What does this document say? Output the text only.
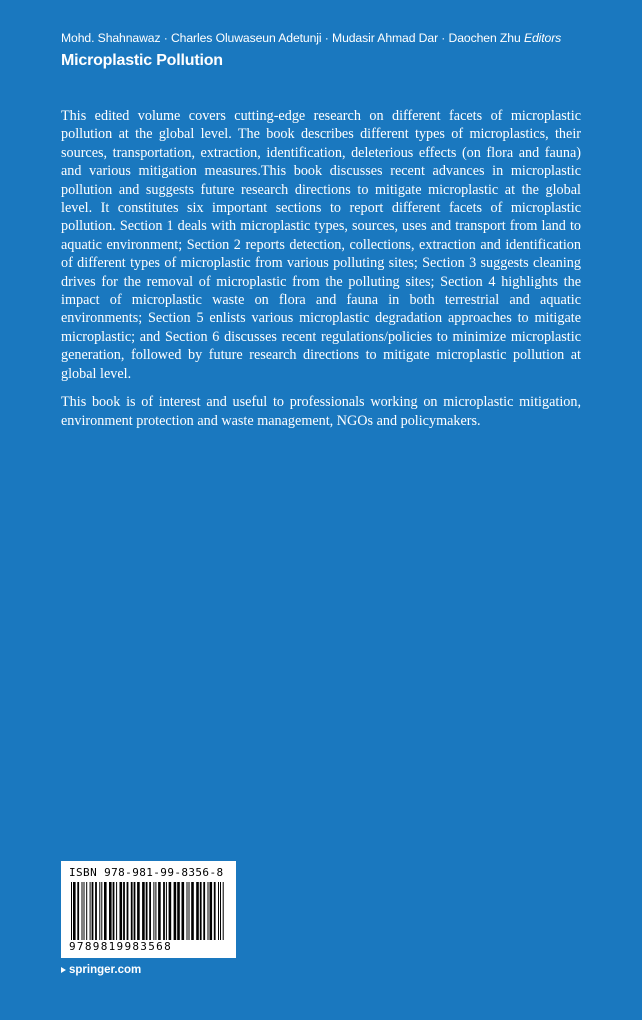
Mohd. Shahnawaz · Charles Oluwaseun Adetunji · Mudasir Ahmad Dar · Daochen Zhu Editors
Microplastic Pollution

This edited volume covers cutting-edge research on different facets of microplastic pollution at the global level. The book describes different types of microplastics, their sources, transportation, extraction, identification, deleterious effects (on flora and fauna) and various mitigation measures.This book discusses recent advances in microplastic pollution and suggests future research directions to mitigate microplastic at the global level. It constitutes six important sections to report different facets of microplastic pollution. Section 1 deals with microplastic types, sources, uses and transport from land to aquatic environment; Section 2 reports detection, collections, extraction and identification of different types of microplastic from various polluting sites; Section 3 suggests cleaning drives for the removal of microplastic from the polluting sites; Section 4 highlights the impact of microplastic waste on flora and fauna in both terrestrial and aquatic environments; Section 5 enlists various microplastic degradation approaches to mitigate microplastic; and Section 6 discusses recent regulations/policies to minimize microplastic generation, followed by future research directions to mitigate microplastic pollution at global level.

This book is of interest and useful to professionals working on microplastic mitigation, environment protection and waste management, NGOs and policymakers.

ISBN 978-981-99-8356-8
9789819983568
springer.com
